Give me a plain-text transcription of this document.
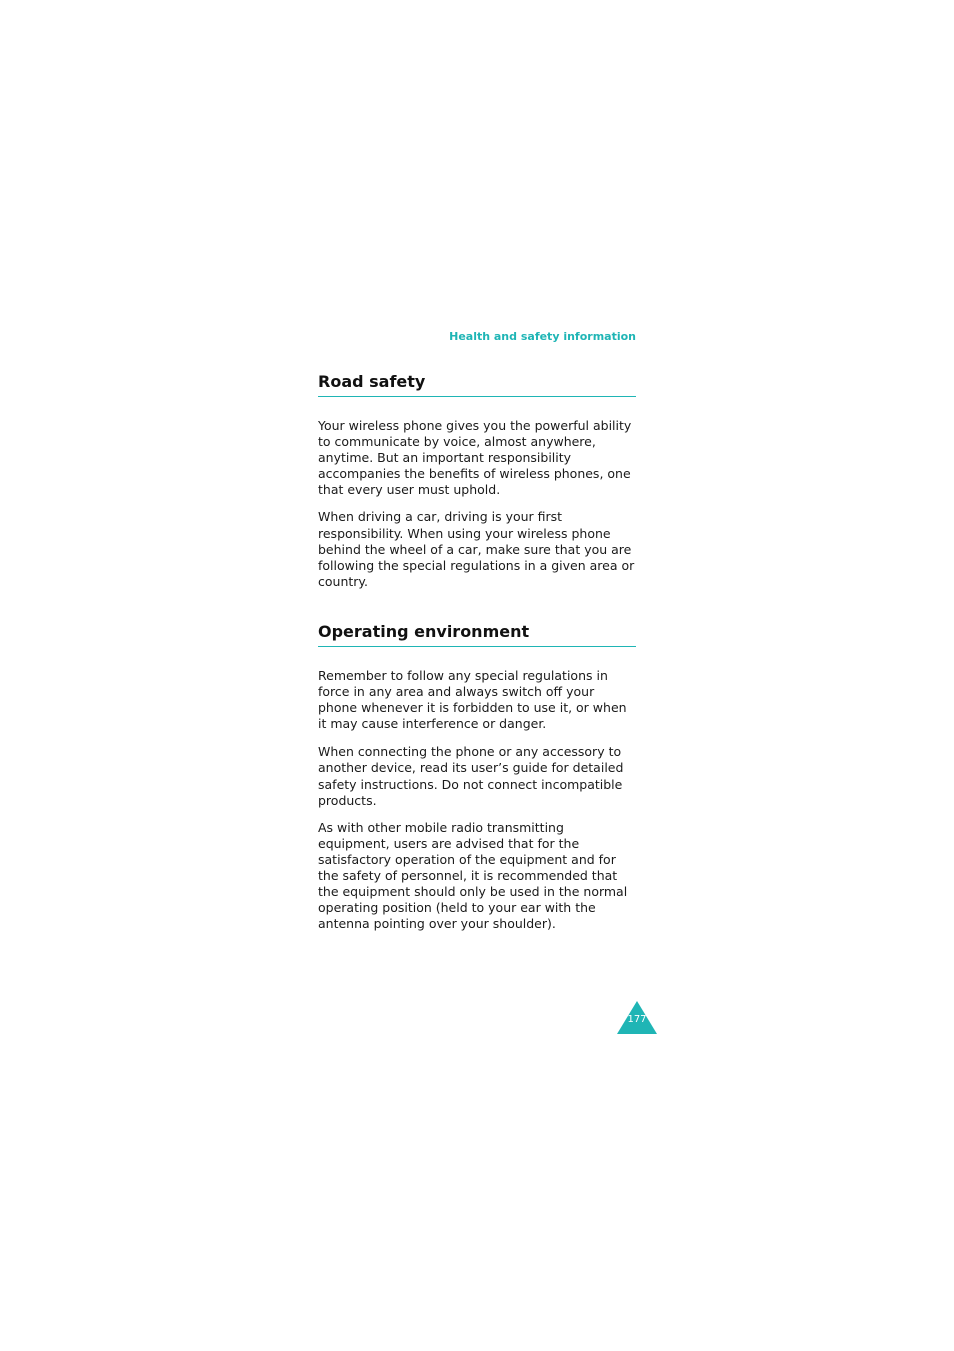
Health and safety information
Road safety

Your wireless phone gives you the powerful ability to communicate by voice, almost anywhere, anytime. But an important responsibility accompanies the benefits of wireless phones, one that every user must uphold.

When driving a car, driving is your first responsibility. When using your wireless phone behind the wheel of a car, make sure that you are following the special regulations in a given area or country.

Operating environment

Remember to follow any special regulations in force in any area and always switch off your phone whenever it is forbidden to use it, or when it may cause interference or danger.

When connecting the phone or any accessory to another device, read its user’s guide for detailed safety instructions. Do not connect incompatible products.

As with other mobile radio transmitting equipment, users are advised that for the satisfactory operation of the equipment and for the safety of personnel, it is recommended that the equipment should only be used in the normal operating position (held to your ear with the antenna pointing over your shoulder).

177
